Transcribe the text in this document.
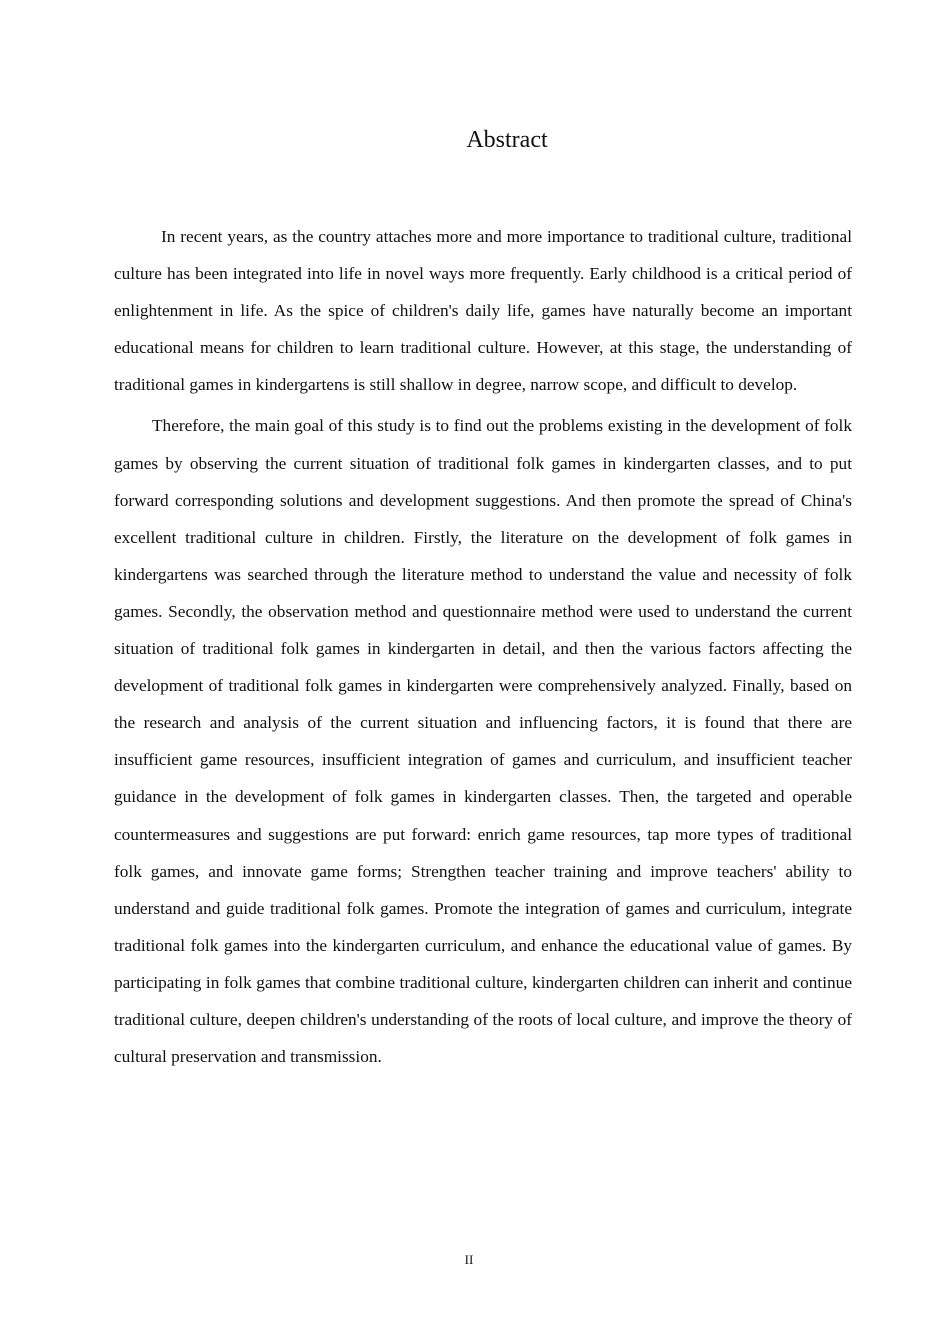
Abstract

In recent years, as the country attaches more and more importance to traditional culture, traditional culture has been integrated into life in novel ways more frequently. Early childhood is a critical period of enlightenment in life. As the spice of children's daily life, games have naturally become an important educational means for children to learn traditional culture. However, at this stage, the understanding of traditional games in kindergartens is still shallow in degree, narrow scope, and difficult to develop.

Therefore, the main goal of this study is to find out the problems existing in the development of folk games by observing the current situation of traditional folk games in kindergarten classes, and to put forward corresponding solutions and development suggestions. And then promote the spread of China's excellent traditional culture in children. Firstly, the literature on the development of folk games in kindergartens was searched through the literature method to understand the value and necessity of folk games. Secondly, the observation method and questionnaire method were used to understand the current situation of traditional folk games in kindergarten in detail, and then the various factors affecting the development of traditional folk games in kindergarten were comprehensively analyzed. Finally, based on the research and analysis of the current situation and influencing factors, it is found that there are insufficient game resources, insufficient integration of games and curriculum, and insufficient teacher guidance in the development of folk games in kindergarten classes. Then, the targeted and operable countermeasures and suggestions are put forward: enrich game resources, tap more types of traditional folk games, and innovate game forms; Strengthen teacher training and improve teachers' ability to understand and guide traditional folk games. Promote the integration of games and curriculum, integrate traditional folk games into the kindergarten curriculum, and enhance the educational value of games. By participating in folk games that combine traditional culture, kindergarten children can inherit and continue traditional culture, deepen children's understanding of the roots of local culture, and improve the theory of cultural preservation and transmission.

II
